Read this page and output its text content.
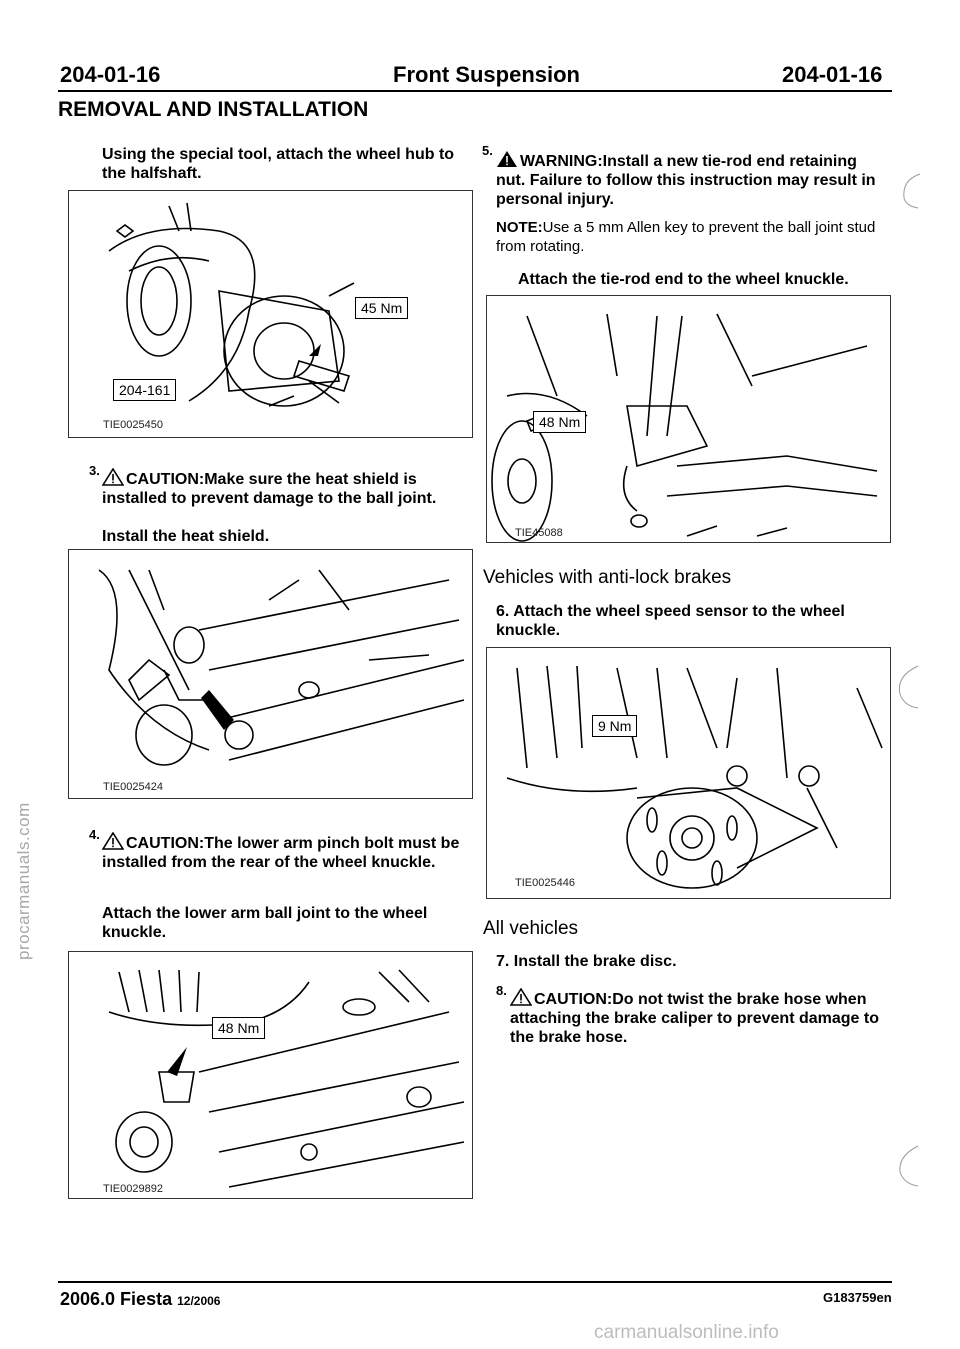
204-01-16	Front Suspension	204-01-16
REMOVAL AND INSTALLATION
procarmanuals.com
Using the special tool, attach the wheel hub to the halfshaft.
45 Nm
204-161
TIE0025450
3.
CAUTION:Make sure the heat shield is installed to prevent damage to the ball joint.
Install the heat shield.
TIE0025424
4.
CAUTION:The lower arm pinch bolt must be installed from the rear of the wheel knuckle.
Attach the lower arm ball joint to the wheel knuckle.
48 Nm
TIE0029892
5.
WARNING:Install a new tie-rod end retaining nut. Failure to follow this instruction may result in personal injury.
NOTE:Use a 5 mm Allen key to prevent the ball joint stud from rotating.
Attach the tie-rod end to the wheel knuckle.
48 Nm
TIE45088
Vehicles with anti-lock brakes
6. Attach the wheel speed sensor to the wheel knuckle.
9 Nm
TIE0025446
All vehicles
7. Install the brake disc.
8.
CAUTION:Do not twist the brake hose when attaching the brake caliper to prevent damage to the brake hose.
2006.0 Fiesta 12/2006	G183759en
carmanualsonline.info
